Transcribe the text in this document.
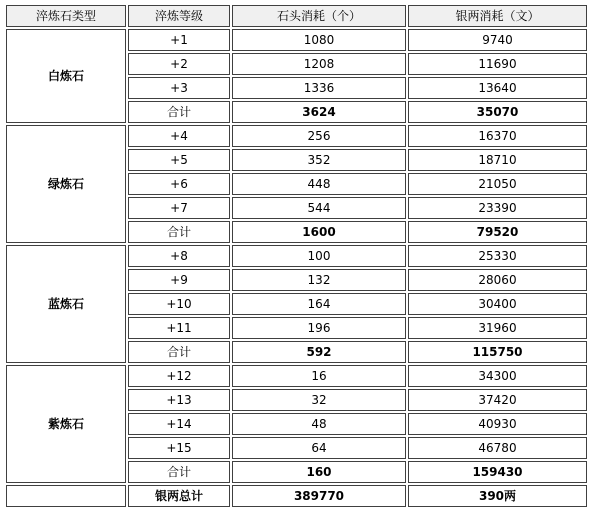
淬炼石类型	淬炼等级	石头消耗（个）	银两消耗（文）
白炼石	+1	1080	9740
	+2	1208	11690
	+3	1336	13640
	合计	3624	35070
绿炼石	+4	256	16370
	+5	352	18710
	+6	448	21050
	+7	544	23390
	合计	1600	79520
蓝炼石	+8	100	25330
	+9	132	28060
	+10	164	30400
	+11	196	31960
	合计	592	115750
紫炼石	+12	16	34300
	+13	32	37420
	+14	48	40930
	+15	64	46780
	合计	160	159430
	银两总计	389770	390两
